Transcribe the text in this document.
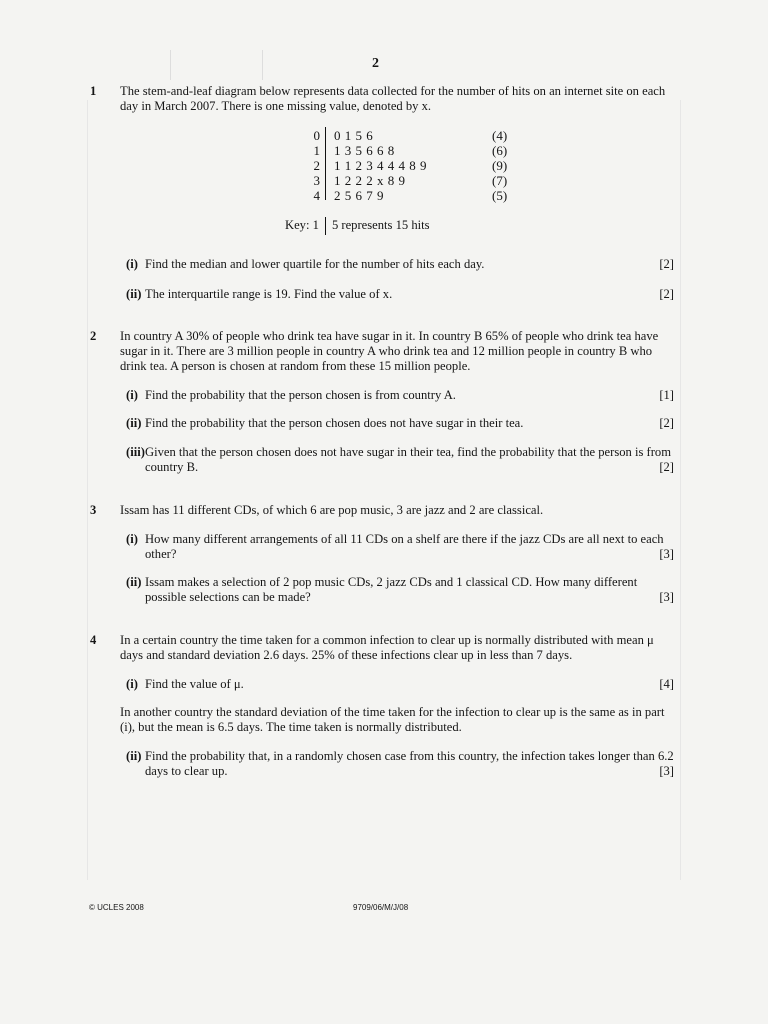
2
1 The stem-and-leaf diagram below represents data collected for the number of hits on an internet site on each day in March 2007. There is one missing value, denoted by x.
0 0 1 5 6	(4)
1 1 3 5 6 6 8	(6)
2 1 1 2 3 4 4 4 8 9	(9)
3 1 2 2 2 x 8 9	(7)
4 2 5 6 7 9	(5)
Key: 1 5 represents 15 hits
(i) Find the median and lower quartile for the number of hits each day.	[2]
(ii) The interquartile range is 19. Find the value of x.	[2]
2 In country A 30% of people who drink tea have sugar in it. In country B 65% of people who drink tea have sugar in it. There are 3 million people in country A who drink tea and 12 million people in country B who drink tea. A person is chosen at random from these 15 million people.
(i) Find the probability that the person chosen is from country A.	[1]
(ii) Find the probability that the person chosen does not have sugar in their tea.	[2]
(iii) Given that the person chosen does not have sugar in their tea, find the probability that the person is from country B.	[2]
3 Issam has 11 different CDs, of which 6 are pop music, 3 are jazz and 2 are classical.
(i) How many different arrangements of all 11 CDs on a shelf are there if the jazz CDs are all next to each other?	[3]
(ii) Issam makes a selection of 2 pop music CDs, 2 jazz CDs and 1 classical CD. How many different possible selections can be made?	[3]
4 In a certain country the time taken for a common infection to clear up is normally distributed with mean μ days and standard deviation 2.6 days. 25% of these infections clear up in less than 7 days.
(i) Find the value of μ.	[4]
In another country the standard deviation of the time taken for the infection to clear up is the same as in part (i), but the mean is 6.5 days. The time taken is normally distributed.
(ii) Find the probability that, in a randomly chosen case from this country, the infection takes longer than 6.2 days to clear up.	[3]
© UCLES 2008	9709/06/M/J/08
